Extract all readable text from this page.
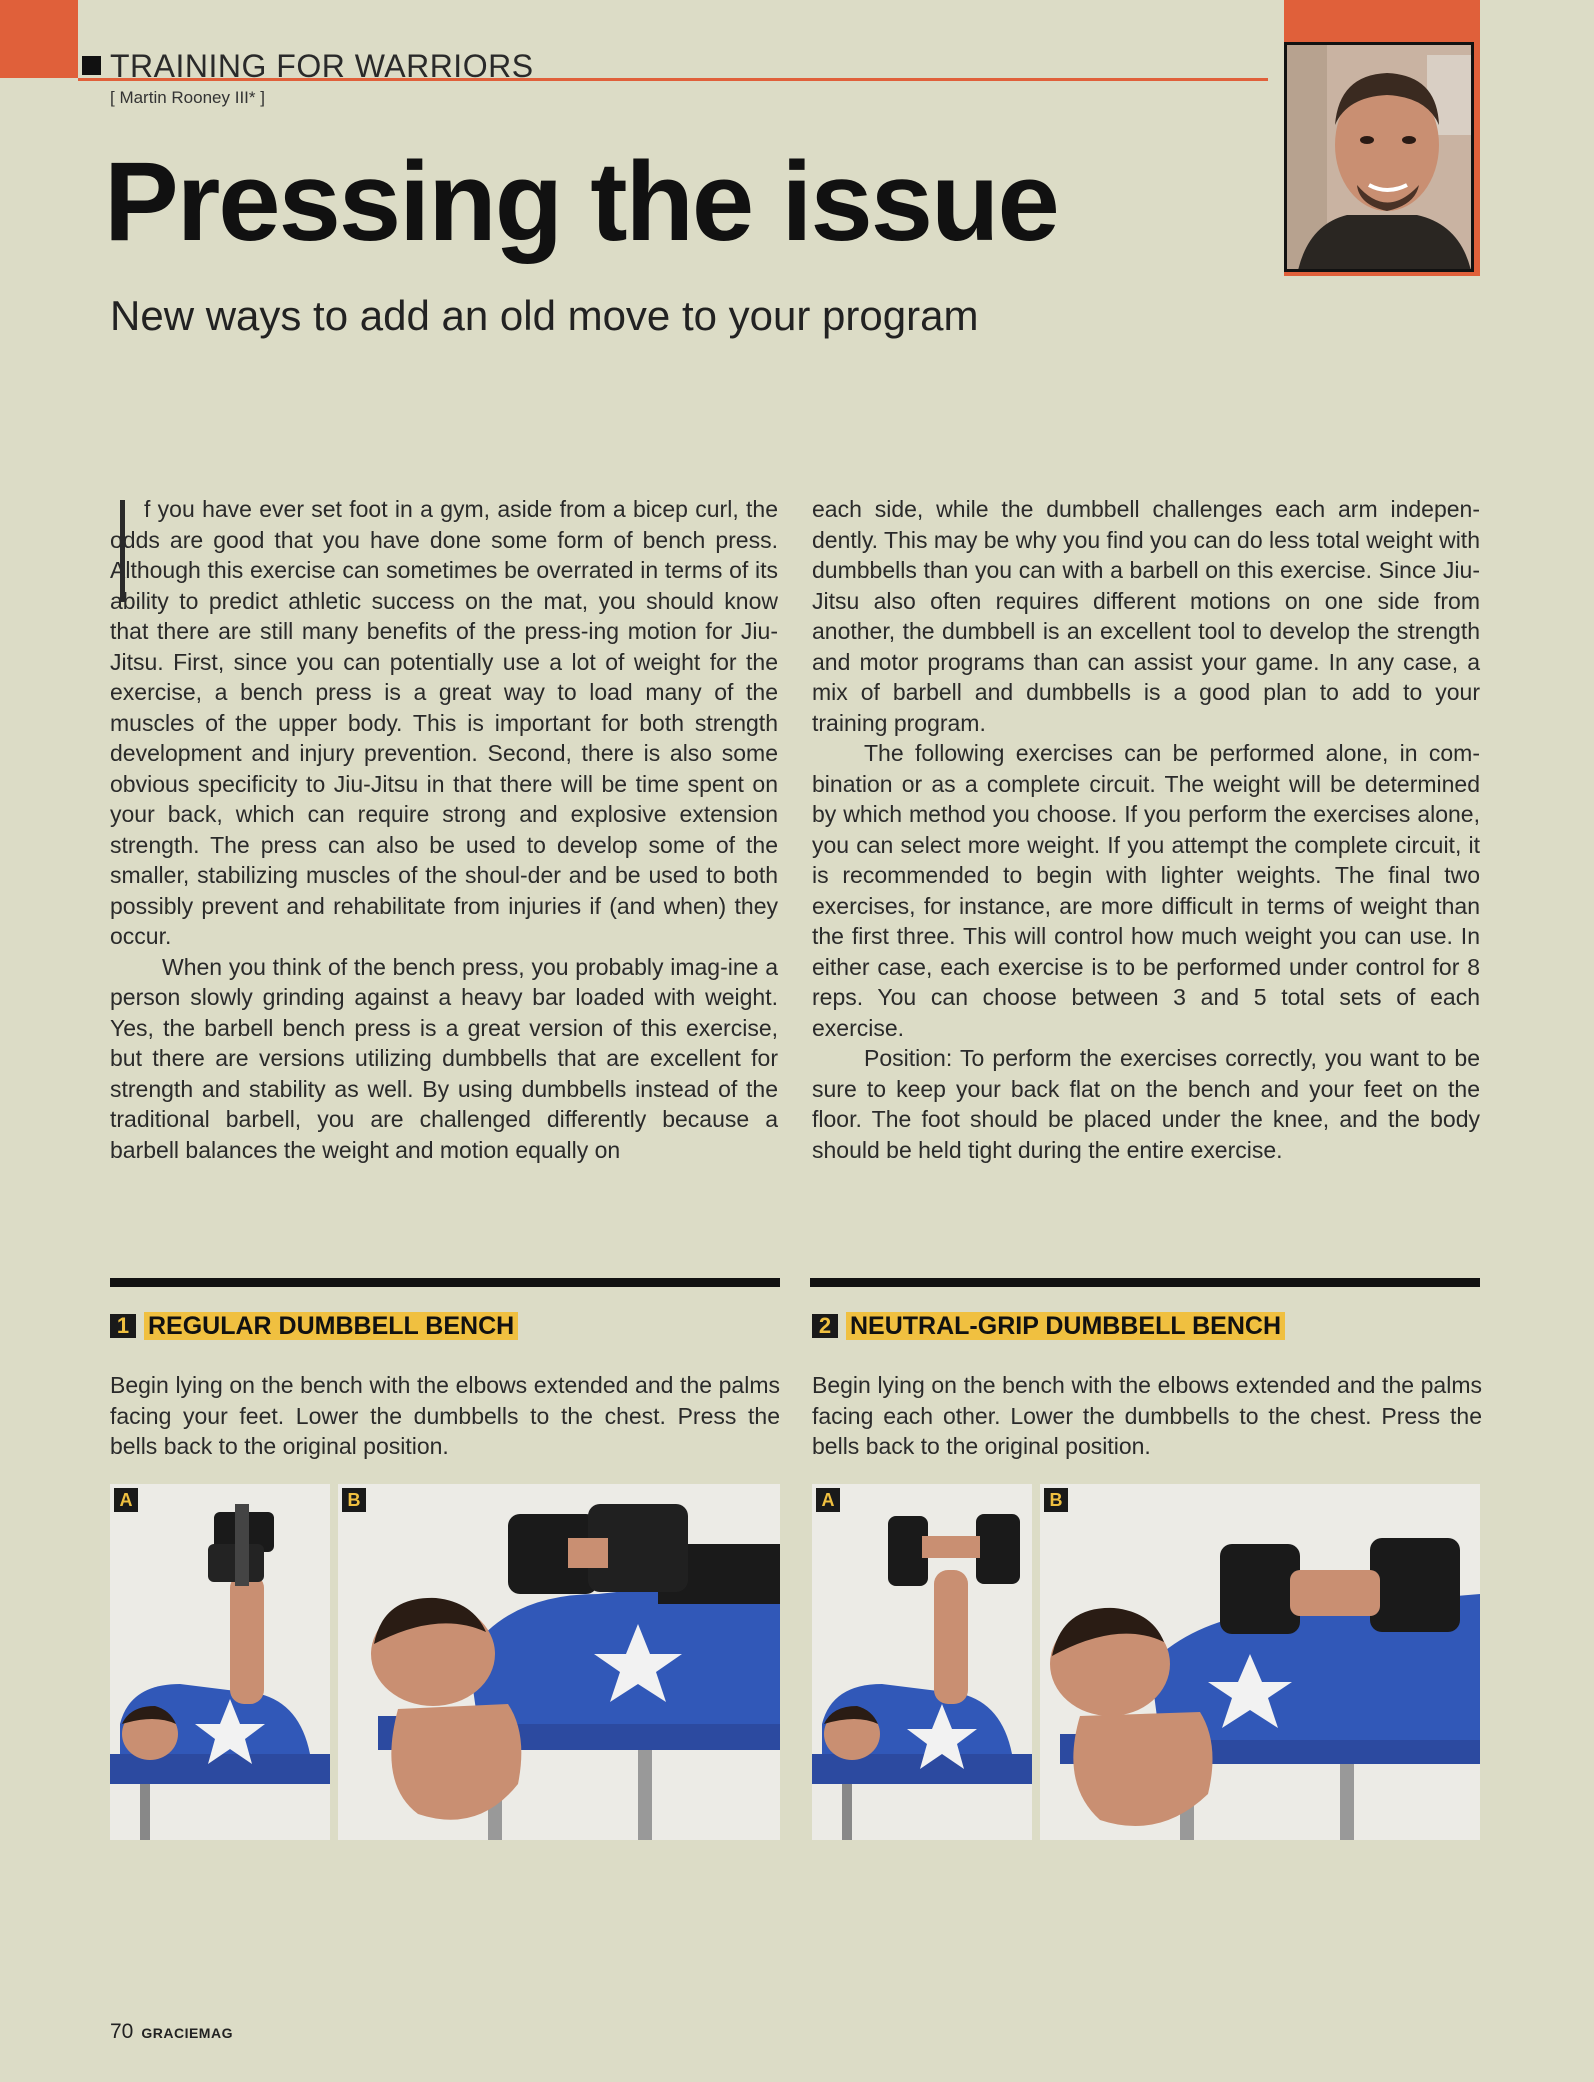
TRAINING FOR WARRIORS
[ Martin Rooney III* ]
Pressing the issue
New ways to add an old move to your program

f you have ever set foot in a gym, aside from a bicep curl, the odds are good that you have done some form of bench press. Although this exercise can sometimes be overrated in terms of its ability to predict athletic success on the mat, you should know that there are still many benefits of the press-ing motion for Jiu-Jitsu. First, since you can potentially use a lot of weight for the exercise, a bench press is a great way to load many of the muscles of the upper body. This is important for both strength development and injury prevention. Second, there is also some obvious specificity to Jiu-Jitsu in that there will be time spent on your back, which can require strong and explosive extension strength. The press can also be used to develop some of the smaller, stabilizing muscles of the shoul-der and be used to both possibly prevent and rehabilitate from injuries if (and when) they occur.

When you think of the bench press, you probably imag-ine a person slowly grinding against a heavy bar loaded with weight. Yes, the barbell bench press is a great version of this exercise, but there are versions utilizing dumbbells that are excellent for strength and stability as well. By using dumbbells instead of the traditional barbell, you are challenged differently because a barbell balances the weight and motion equally on

each side, while the dumbbell challenges each arm indepen-dently. This may be why you find you can do less total weight with dumbbells than you can with a barbell on this exercise. Since Jiu-Jitsu also often requires different motions on one side from another, the dumbbell is an excellent tool to develop the strength and motor programs than can assist your game. In any case, a mix of barbell and dumbbells is a good plan to add to your training program.

The following exercises can be performed alone, in com-bination or as a complete circuit. The weight will be determined by which method you choose. If you perform the exercises alone, you can select more weight. If you attempt the complete circuit, it is recommended to begin with lighter weights. The final two exercises, for instance, are more difficult in terms of weight than the first three. This will control how much weight you can use. In either case, each exercise is to be performed under control for 8 reps. You can choose between 3 and 5 total sets of each exercise.

Position: To perform the exercises correctly, you want to be sure to keep your back flat on the bench and your feet on the floor. The foot should be placed under the knee, and the body should be held tight during the entire exercise.

1 REGULAR DUMBBELL BENCH

Begin lying on the bench with the elbows extended and the palms facing your feet. Lower the dumbbells to the chest. Press the bells back to the original position.

A	B
2 NEUTRAL-GRIP DUMBBELL BENCH

Begin lying on the bench with the elbows extended and the palms facing each other. Lower the dumbbells to the chest. Press the bells back to the original position.

A	B
70 GRACIEMAG
